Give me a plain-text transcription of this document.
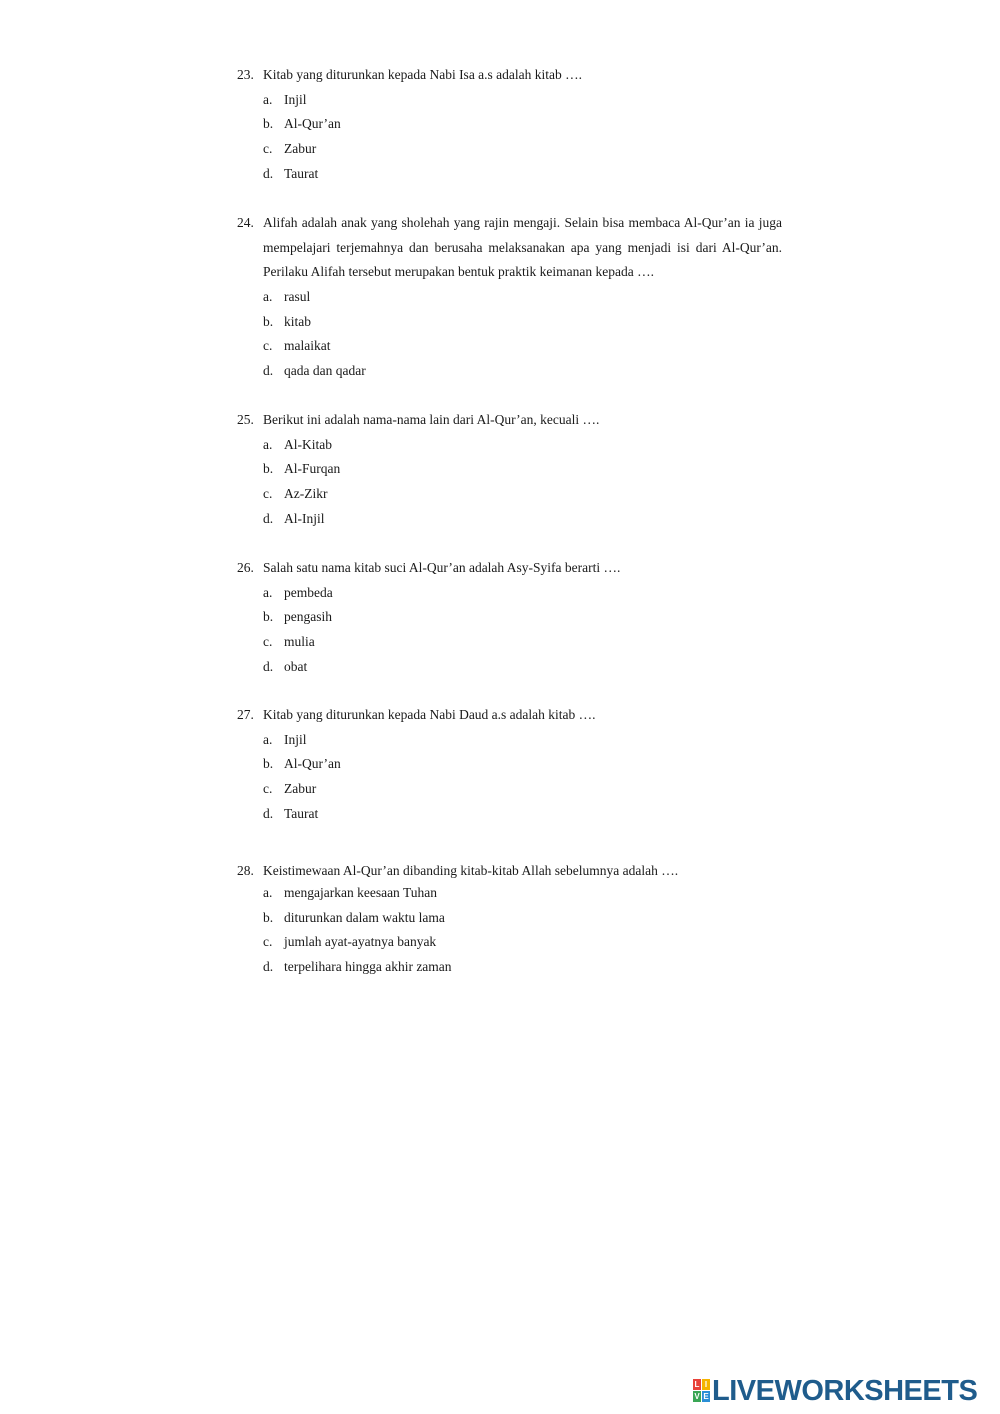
23. Kitab yang diturunkan kepada Nabi Isa a.s adalah kitab ….
a. Injil
b. Al-Qur’an
c. Zabur
d. Taurat
24. Alifah adalah anak yang sholehah yang rajin mengaji. Selain bisa membaca Al-Qur’an ia juga mempelajari terjemahnya dan berusaha melaksanakan apa yang menjadi isi dari Al-Qur’an. Perilaku Alifah tersebut merupakan bentuk praktik keimanan kepada ….
a. rasul
b. kitab
c. malaikat
d. qada dan qadar
25. Berikut ini adalah nama-nama lain dari Al-Qur’an, kecuali ….
a. Al-Kitab
b. Al-Furqan
c. Az-Zikr
d. Al-Injil
26. Salah satu nama kitab suci Al-Qur’an adalah Asy-Syifa berarti ….
a. pembeda
b. pengasih
c. mulia
d. obat
27. Kitab yang diturunkan kepada Nabi Daud a.s adalah kitab ….
a. Injil
b. Al-Qur’an
c. Zabur
d. Taurat
28. Keistimewaan Al-Qur’an dibanding kitab-kitab Allah sebelumnya adalah ….
a. mengajarkan keesaan Tuhan
b. diturunkan dalam waktu lama
c. jumlah ayat-ayatnya banyak
d. terpelihara hingga akhir zaman
L I
V E LIVEWORKSHEETS
